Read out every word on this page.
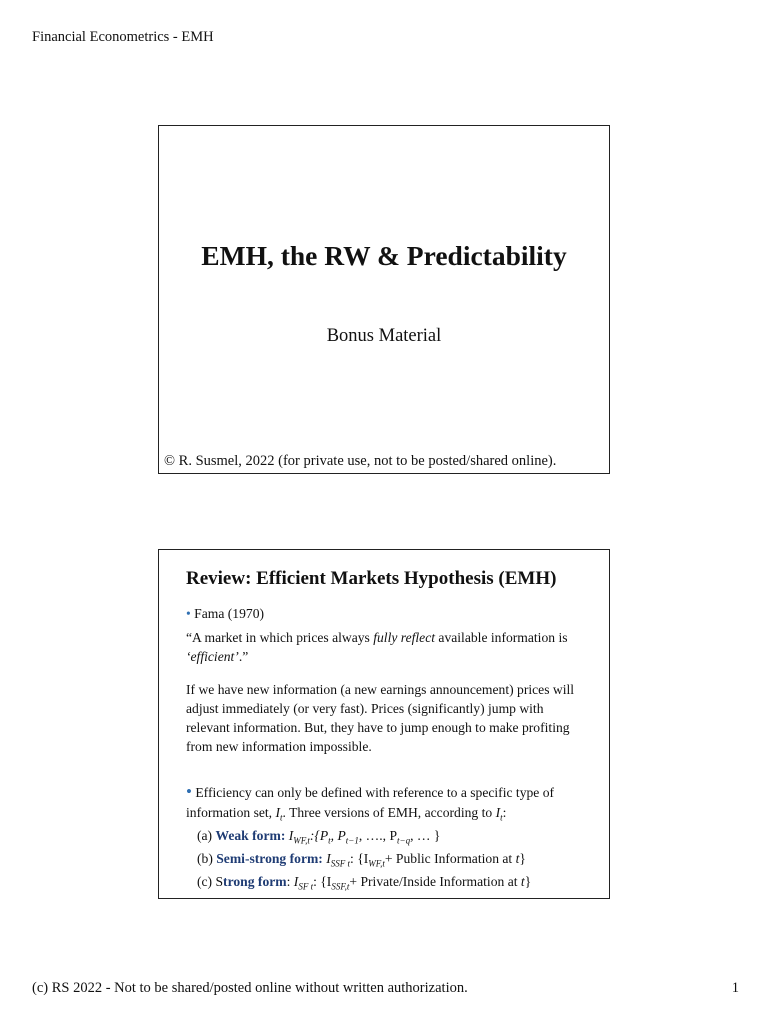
Financial Econometrics - EMH
EMH, the RW & Predictability
Bonus Material
© R. Susmel, 2022 (for private use, not to be posted/shared online).
Review: Efficient Markets Hypothesis (EMH)
• Fama (1970)
“A market in which prices always fully reflect available information is
‘efficient’.”
If we have new information (a new earnings announcement) prices will
adjust immediately (or very fast). Prices (significantly) jump with
relevant information. But, they have to jump enough to make profiting
from new information impossible.
• Efficiency can only be defined with reference to a specific type of
information set, $I_t$. Three versions of EMH, according to $I_t$:
(a) Weak form: $I_{WF,t}:\{P_t$, $P_{t-1}$, …., $P_{t-q}$, … }
(b) Semi-strong form: $I_{SSF t}$: {$I_{WF,t}+$ Public Information at t}
(c) Strong form: $I_{SF t}$: {$I_{SSF,t}+$ Private/Inside Information at t}
(c) RS 2022 - Not to be shared/posted online without written authorization.	1
